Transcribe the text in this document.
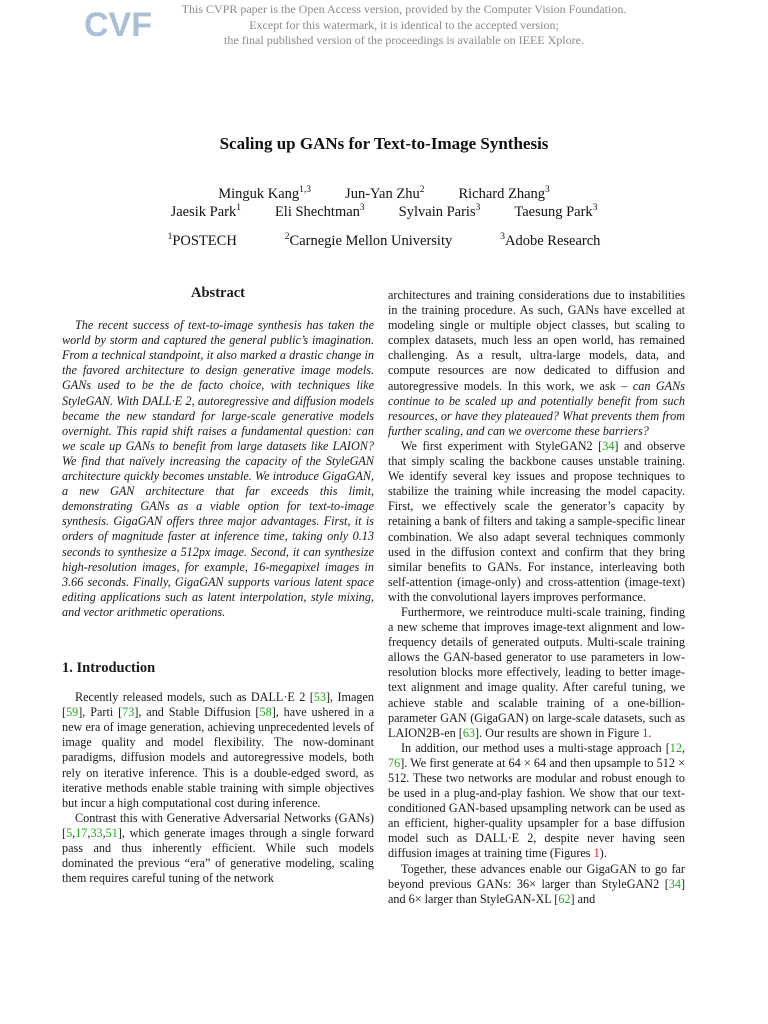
CVF	This CVPR paper is the Open Access version, provided by the Computer Vision Foundation.
Except for this watermark, it is identical to the accepted version;
the final published version of the proceedings is available on IEEE Xplore.
Scaling up GANs for Text-to-Image Synthesis
Minguk Kang$^{1,3}$ Jun-Yan Zhu$^2$ Richard Zhang$^3$
Jaesik Park$^1$ Eli Shechtman$^3$ Sylvain Paris$^3$ Taesung Park$^3$
$^1$POSTECH	$^2$Carnegie Mellon University	$^3$Adobe Research
Abstract

The recent success of text-to-image synthesis has taken the world by storm and captured the general public’s imagination. From a technical standpoint, it also marked a drastic change in the favored architecture to design generative image models. GANs used to be the de facto choice, with techniques like StyleGAN. With DALL·E 2, autoregressive and diffusion models became the new standard for large-scale generative models overnight. This rapid shift raises a fundamental question: can we scale up GANs to benefit from large datasets like LAION? We find that naïvely increasing the capacity of the StyleGAN architecture quickly becomes unstable. We introduce GigaGAN, a new GAN architecture that far exceeds this limit, demonstrating GANs as a viable option for text-to-image synthesis. GigaGAN offers three major advantages. First, it is orders of magnitude faster at inference time, taking only 0.13 seconds to synthesize a 512px image. Second, it can synthesize high-resolution images, for example, 16-megapixel images in 3.66 seconds. Finally, GigaGAN supports various latent space editing applications such as latent interpolation, style mixing, and vector arithmetic operations.

1. Introduction

Recently released models, such as DALL·E 2 [53], Imagen [59], Parti [73], and Stable Diffusion [58], have ushered in a new era of image generation, achieving unprecedented levels of image quality and model flexibility. The now-dominant paradigms, diffusion models and autoregressive models, both rely on iterative inference. This is a double-edged sword, as iterative methods enable stable training with simple objectives but incur a high computational cost during inference.

Contrast this with Generative Adversarial Networks (GANs) [5,17,33,51], which generate images through a single forward pass and thus inherently efficient. While such models dominated the previous “era” of generative modeling, scaling them requires careful tuning of the network

architectures and training considerations due to instabilities in the training procedure. As such, GANs have excelled at modeling single or multiple object classes, but scaling to complex datasets, much less an open world, has remained challenging. As a result, ultra-large models, data, and compute resources are now dedicated to diffusion and autoregressive models. In this work, we ask – can GANs continue to be scaled up and potentially benefit from such resources, or have they plateaued? What prevents them from further scaling, and can we overcome these barriers?

We first experiment with StyleGAN2 [34] and observe that simply scaling the backbone causes unstable training. We identify several key issues and propose techniques to stabilize the training while increasing the model capacity. First, we effectively scale the generator’s capacity by retaining a bank of filters and taking a sample-specific linear combination. We also adapt several techniques commonly used in the diffusion context and confirm that they bring similar benefits to GANs. For instance, interleaving both self-attention (image-only) and cross-attention (image-text) with the convolutional layers improves performance.

Furthermore, we reintroduce multi-scale training, finding a new scheme that improves image-text alignment and low-frequency details of generated outputs. Multi-scale training allows the GAN-based generator to use parameters in low-resolution blocks more effectively, leading to better image-text alignment and image quality. After careful tuning, we achieve stable and scalable training of a one-billion-parameter GAN (GigaGAN) on large-scale datasets, such as LAION2B-en [63]. Our results are shown in Figure 1.

In addition, our method uses a multi-stage approach [12, 76]. We first generate at 64 × 64 and then upsample to 512 × 512. These two networks are modular and robust enough to be used in a plug-and-play fashion. We show that our text-conditioned GAN-based upsampling network can be used as an efficient, higher-quality upsampler for a base diffusion model such as DALL·E 2, despite never having seen diffusion images at training time (Figures 1).

Together, these advances enable our GigaGAN to go far beyond previous GANs: 36× larger than StyleGAN2 [34] and 6× larger than StyleGAN-XL [62] and
